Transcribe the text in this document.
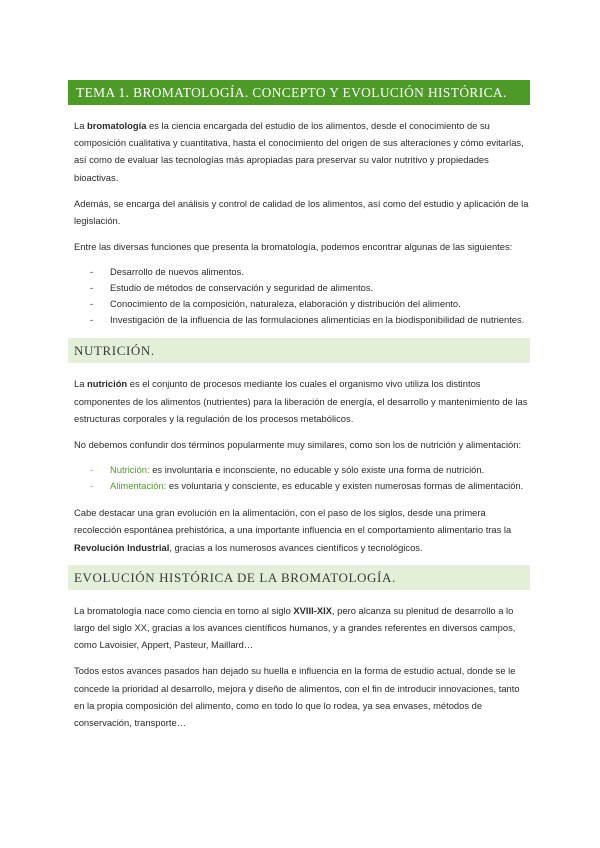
TEMA 1. BROMATOLOGÍA. CONCEPTO Y EVOLUCIÓN HISTÓRICA.

La bromatología es la ciencia encargada del estudio de los alimentos, desde el conocimiento de su composición cualitativa y cuantitativa, hasta el conocimiento del origen de sus alteraciones y cómo evitarlas, así como de evaluar las tecnologías más apropiadas para preservar su valor nutritivo y propiedades bioactivas.

Además, se encarga del análisis y control de calidad de los alimentos, así como del estudio y aplicación de la legislación.

Entre las diversas funciones que presenta la bromatología, podemos encontrar algunas de las siguientes:

- Desarrollo de nuevos alimentos.
- Estudio de métodos de conservación y seguridad de alimentos.
- Conocimiento de la composición, naturaleza, elaboración y distribución del alimento.
- Investigación de la influencia de las formulaciones alimenticias en la biodisponibilidad de nutrientes.
NUTRICIÓN.

La nutrición es el conjunto de procesos mediante los cuales el organismo vivo utiliza los distintos componentes de los alimentos (nutrientes) para la liberación de energía, el desarrollo y mantenimiento de las estructuras corporales y la regulación de los procesos metabólicos.

No debemos confundir dos términos popularmente muy similares, como son los de nutrición y alimentación:

- Nutrición: es involuntaria e inconsciente, no educable y sólo existe una forma de nutrición.
- Alimentación: es voluntaria y consciente, es educable y existen numerosas formas de alimentación.

Cabe destacar una gran evolución en la alimentación, con el paso de los siglos, desde una primera recolección espontánea prehistórica, a una importante influencia en el comportamiento alimentario tras la Revolución Industrial, gracias a los numerosos avances científicos y tecnológicos.

EVOLUCIÓN HISTÓRICA DE LA BROMATOLOGÍA.

La bromatología nace como ciencia en torno al siglo XVIII-XIX, pero alcanza su plenitud de desarrollo a lo largo del siglo XX, gracias a los avances científicos humanos, y a grandes referentes en diversos campos, como Lavoisier, Appert, Pasteur, Maillard…

Todos estos avances pasados han dejado su huella e influencia en la forma de estudio actual, donde se le concede la prioridad al desarrollo, mejora y diseño de alimentos, con el fin de introducir innovaciones, tanto en la propia composición del alimento, como en todo lo que lo rodea, ya sea envases, métodos de conservación, transporte…
